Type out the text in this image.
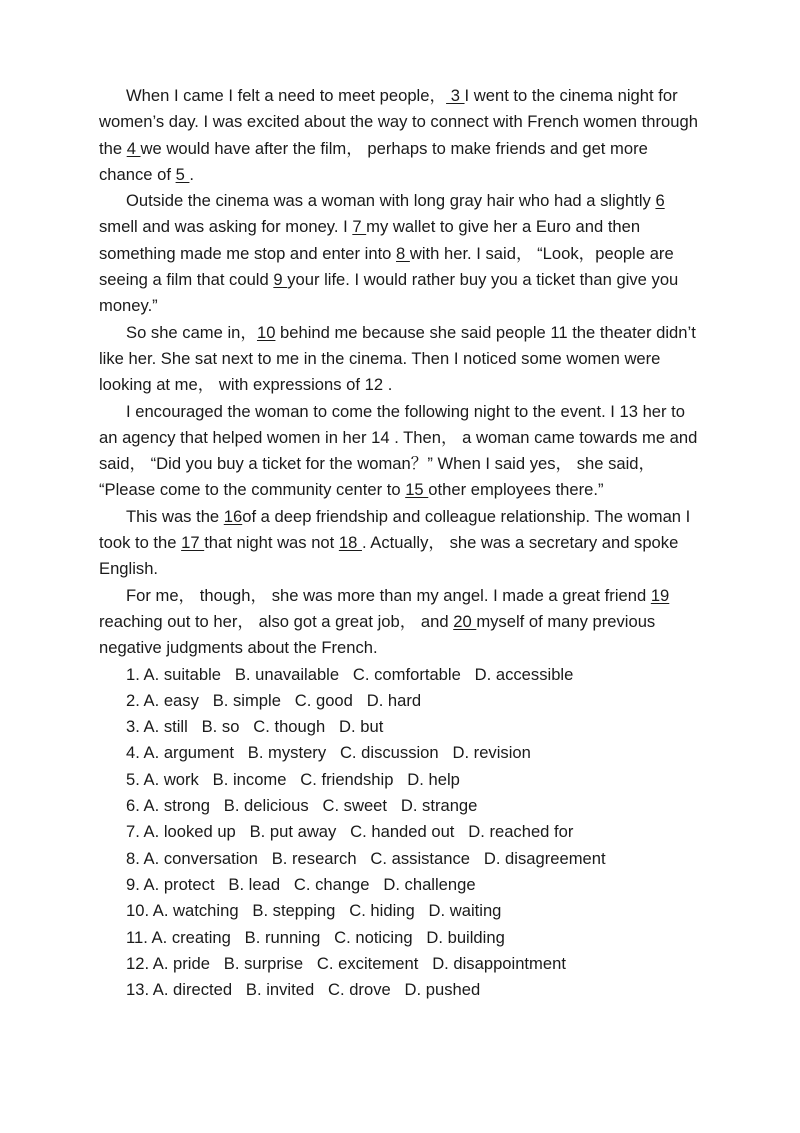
When I came I felt a need to meet people， 3 I went to the cinema night for women’s day. I was excited about the way to connect with French women through the 4 we would have after the film， perhaps to make friends and get more chance of 5 .

Outside the cinema was a woman with long gray hair who had a slightly 6 smell and was asking for money. I 7 my wallet to give her a Euro and then something made me stop and enter into 8 with her. I said， “Look，people are seeing a film that could 9 your life. I would rather buy you a ticket than give you money.”

So she came in，10 behind me because she said people 11 the theater didn’t like her. She sat next to me in the cinema. Then I noticed some women were looking at me， with expressions of 12 .

I encouraged the woman to come the following night to the event. I 13 her to an agency that helped women in her 14 . Then， a woman came towards me and said， “Did you buy a ticket for the woman？” When I said yes， she said， “Please come to the community center to 15 other employees there.”

This was the 16of a deep friendship and colleague relationship. The woman I took to the 17 that night was not 18 . Actually， she was a secretary and spoke English.

For me， though， she was more than my angel. I made a great friend 19 reaching out to her， also got a great job， and 20 myself of many previous negative judgments about the French.

1. A. suitable   B. unavailable   C. comfortable   D. accessible

2. A. easy   B. simple   C. good   D. hard

3. A. still   B. so   C. though   D. but

4. A. argument   B. mystery   C. discussion   D. revision

5. A. work   B. income   C. friendship   D. help

6. A. strong   B. delicious   C. sweet   D. strange

7. A. looked up   B. put away   C. handed out   D. reached for

8. A. conversation   B. research   C. assistance   D. disagreement

9. A. protect   B. lead   C. change   D. challenge

10. A. watching   B. stepping   C. hiding   D. waiting

11. A. creating   B. running   C. noticing   D. building

12. A. pride   B. surprise   C. excitement   D. disappointment

13. A. directed   B. invited   C. drove   D. pushed
